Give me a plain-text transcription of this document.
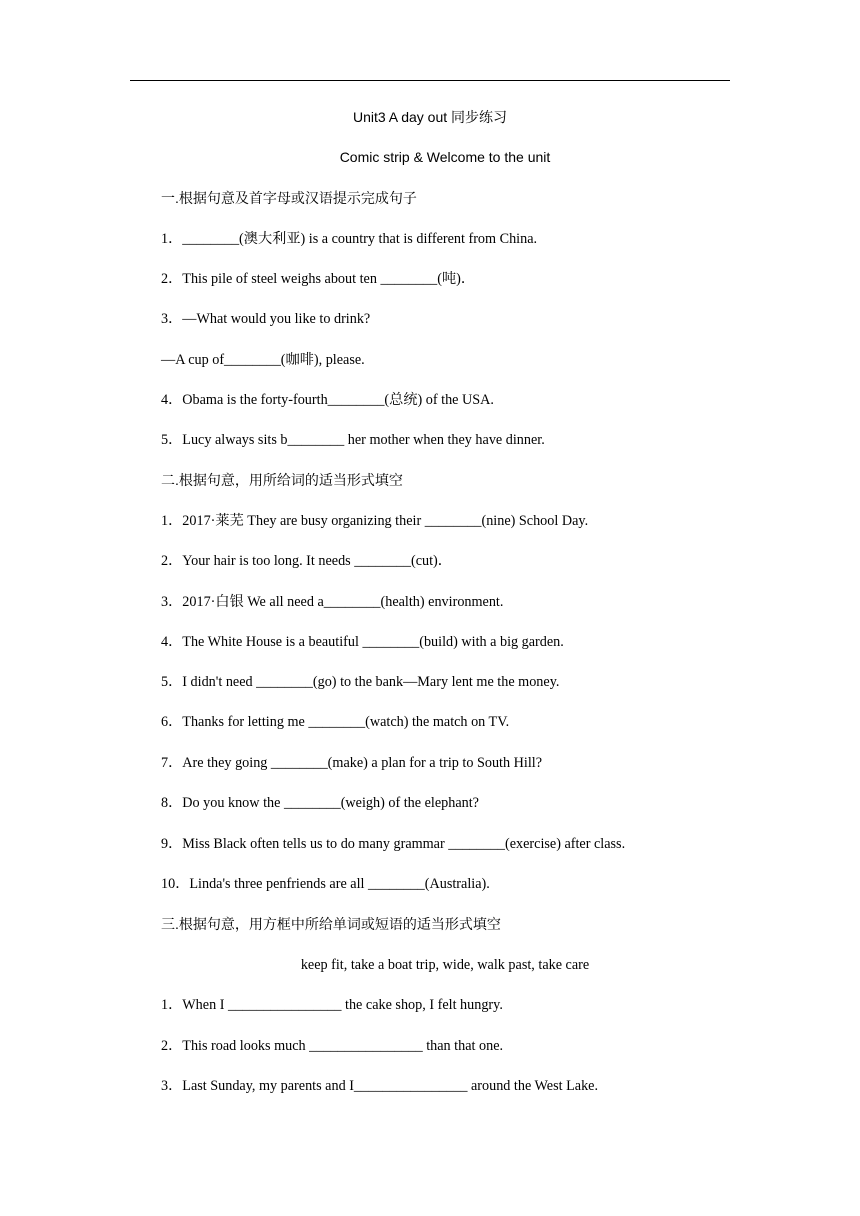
Unit3 A day out 同步练习
Comic strip & Welcome to the unit
一.根据句意及首字母或汉语提示完成句子
1．________(澳大利亚) is a country that is different from China.
2．This pile of steel weighs about ten ________(吨)．
3．—What would you like to drink?
—A cup of________(咖啡), please.
4．Obama is the forty-fourth________(总统) of the USA.
5．Lucy always sits b________ her mother when they have dinner.
二.根据句意，用所给词的适当形式填空
1．2017·莱芜 They are busy organizing their ________(nine) School Day.
2．Your hair is too long. It needs ________(cut)．
3．2017·白银 We all need a________(health) environment.
4．The White House is a beautiful ________(build) with a big garden.
5．I didn't need ________(go) to the bank—Mary lent me the money.
6．Thanks for letting me ________(watch) the match on TV.
7．Are they going ________(make) a plan for a trip to South Hill?
8．Do you know the ________(weigh) of the elephant?
9．Miss Black often tells us to do many grammar ________(exercise) after class.
10．Linda's three penfriends are all ________(Australia).
三.根据句意，用方框中所给单词或短语的适当形式填空
keep fit, take a boat trip, wide, walk past, take care
1．When I ________________ the cake shop, I felt hungry.
2．This road looks much ________________ than that one.
3．Last Sunday, my parents and I________________ around the West Lake.
